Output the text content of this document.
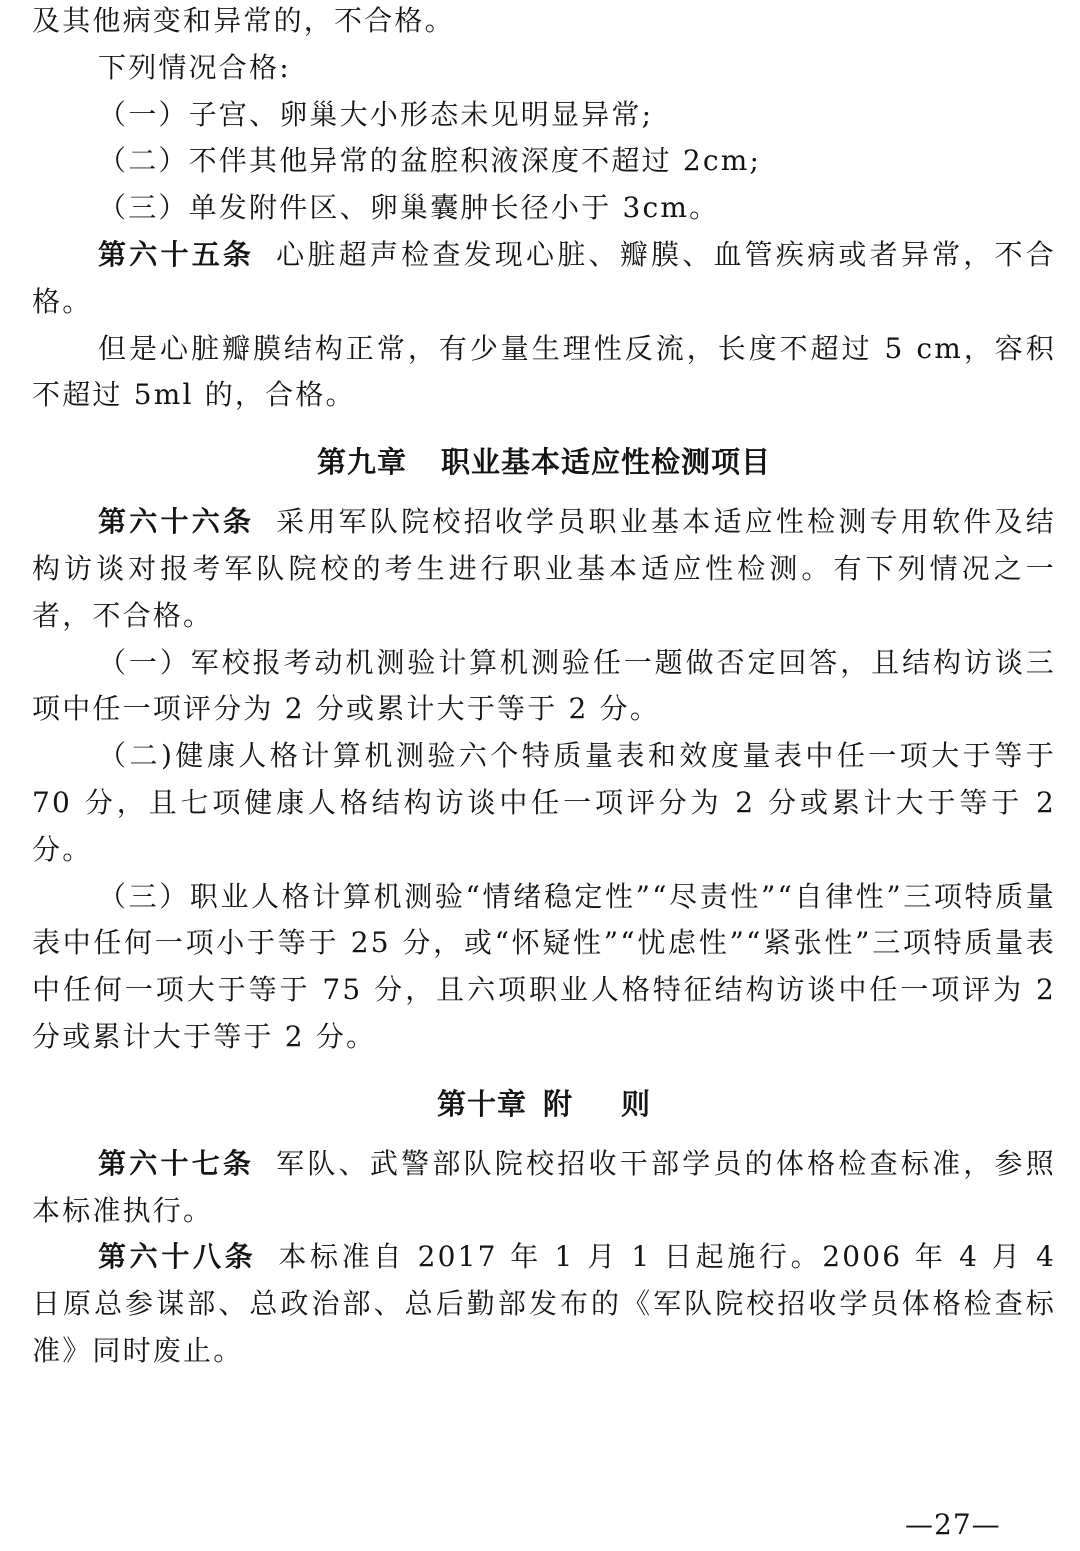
及其他病变和异常的，不合格。

下列情况合格:

（一）子宫、卵巢大小形态未见明显异常;

（二）不伴其他异常的盆腔积液深度不超过 2cm;

（三）单发附件区、卵巢囊肿长径小于 3cm。

第六十五条 心脏超声检查发现心脏、瓣膜、血管疾病或者异常，不合格。

但是心脏瓣膜结构正常，有少量生理性反流，长度不超过 5 cm，容积不超过 5ml 的，合格。

第九章 职业基本适应性检测项目

第六十六条 采用军队院校招收学员职业基本适应性检测专用软件及结构访谈对报考军队院校的考生进行职业基本适应性检测。有下列情况之一者，不合格。

（一）军校报考动机测验计算机测验任一题做否定回答，且结构访谈三项中任一项评分为 2 分或累计大于等于 2 分。

（二)健康人格计算机测验六个特质量表和效度量表中任一项大于等于 70 分，且七项健康人格结构访谈中任一项评分为 2 分或累计大于等于 2 分。

（三）职业人格计算机测验“情绪稳定性”“尽责性”“自律性”三项特质量表中任何一项小于等于 25 分，或“怀疑性”“忧虑性”“紧张性”三项特质量表中任何一项大于等于 75 分，且六项职业人格特征结构访谈中任一项评为 2 分或累计大于等于 2 分。

第十章 附 则

第六十七条 军队、武警部队院校招收干部学员的体格检查标准，参照本标准执行。

第六十八条 本标准自 2017 年 1 月 1 日起施行。2006 年 4 月 4 日原总参谋部、总政治部、总后勤部发布的《军队院校招收学员体格检查标准》同时废止。

—27—
